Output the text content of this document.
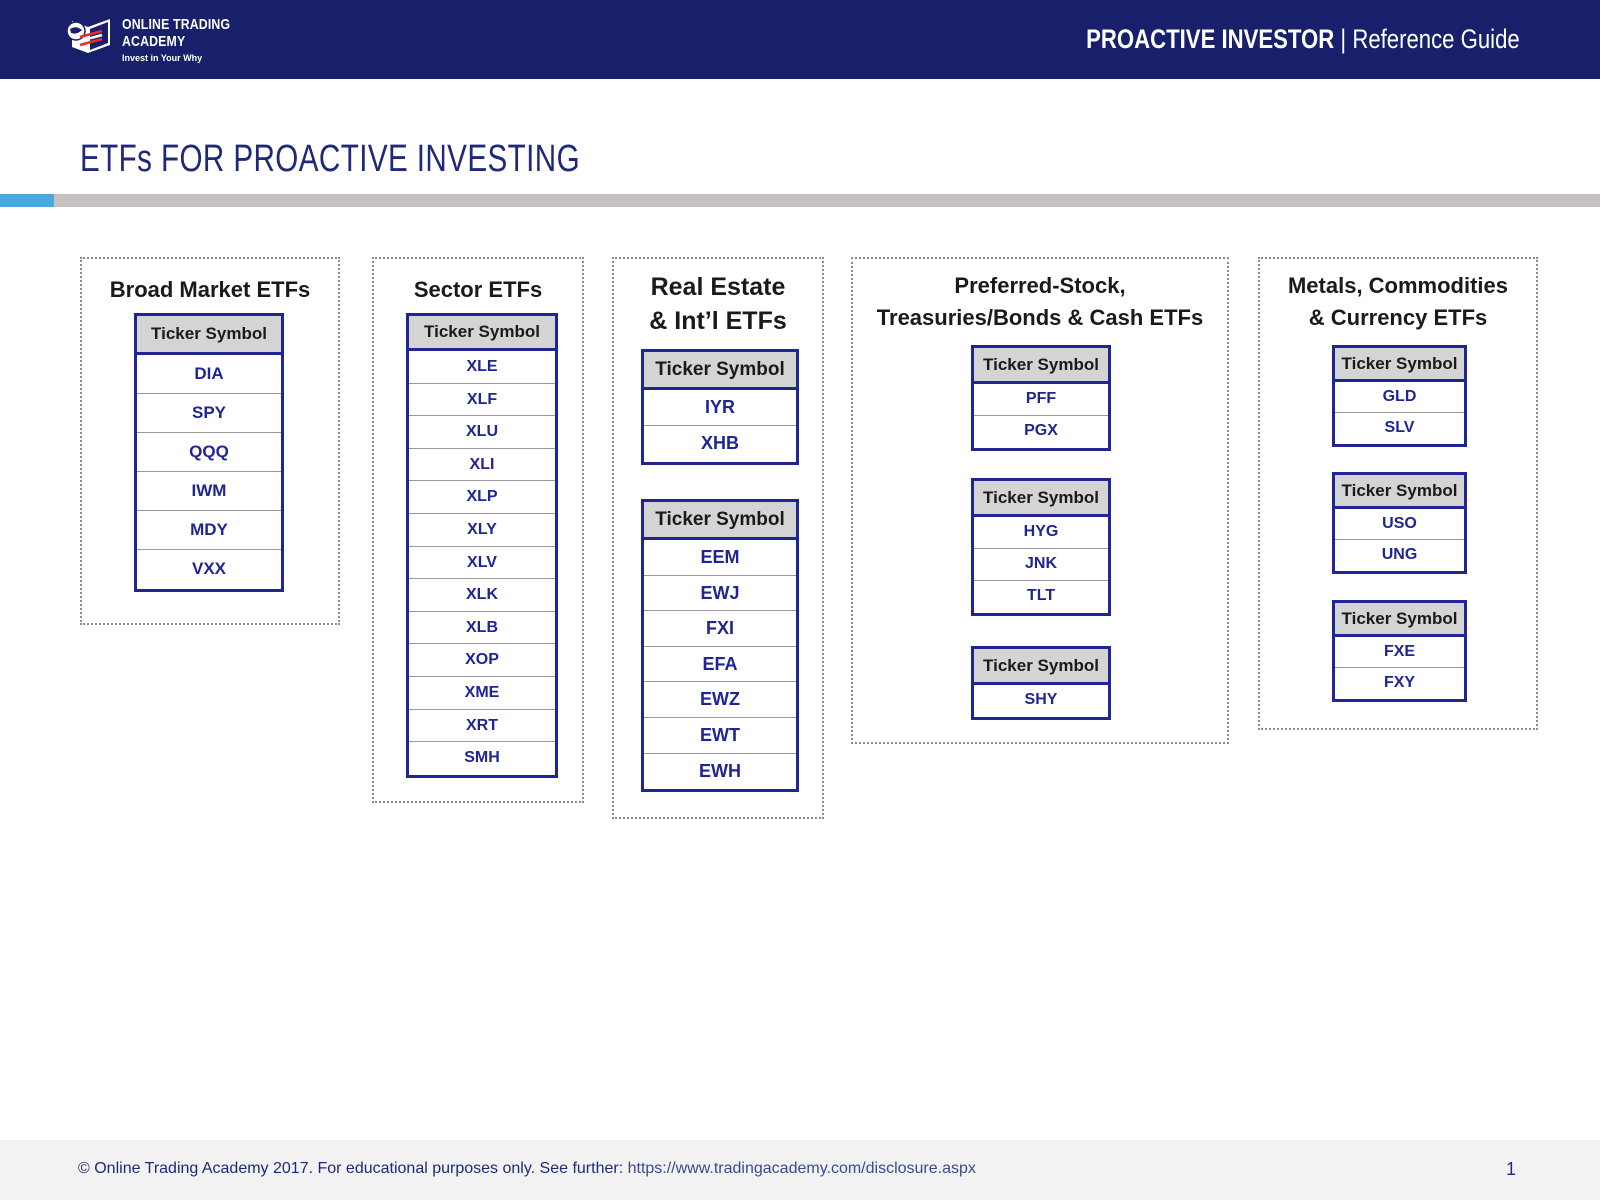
ONLINE TRADING
ACADEMY
Invest in Your Why
PROACTIVE INVESTOR | Reference Guide
ETFs FOR PROACTIVE INVESTING
Broad Market ETFs
Ticker Symbol
DIA
SPY
QQQ
IWM
MDY
VXX
Sector ETFs
Ticker Symbol
XLE
XLF
XLU
XLI
XLP
XLY
XLV
XLK
XLB
XOP
XME
XRT
SMH
Real Estate
& Int’l ETFs
Ticker Symbol
IYR
XHB
Ticker Symbol
EEM
EWJ
FXI
EFA
EWZ
EWT
EWH
Preferred-Stock,
Treasuries/Bonds & Cash ETFs
Ticker Symbol
PFF
PGX
Ticker Symbol
HYG
JNK
TLT
Ticker Symbol
SHY
Metals, Commodities
& Currency ETFs
Ticker Symbol
GLD
SLV
Ticker Symbol
USO
UNG
Ticker Symbol
FXE
FXY
© Online Trading Academy 2017. For educational purposes only. See further: https://www.tradingacademy.com/disclosure.aspx	1
